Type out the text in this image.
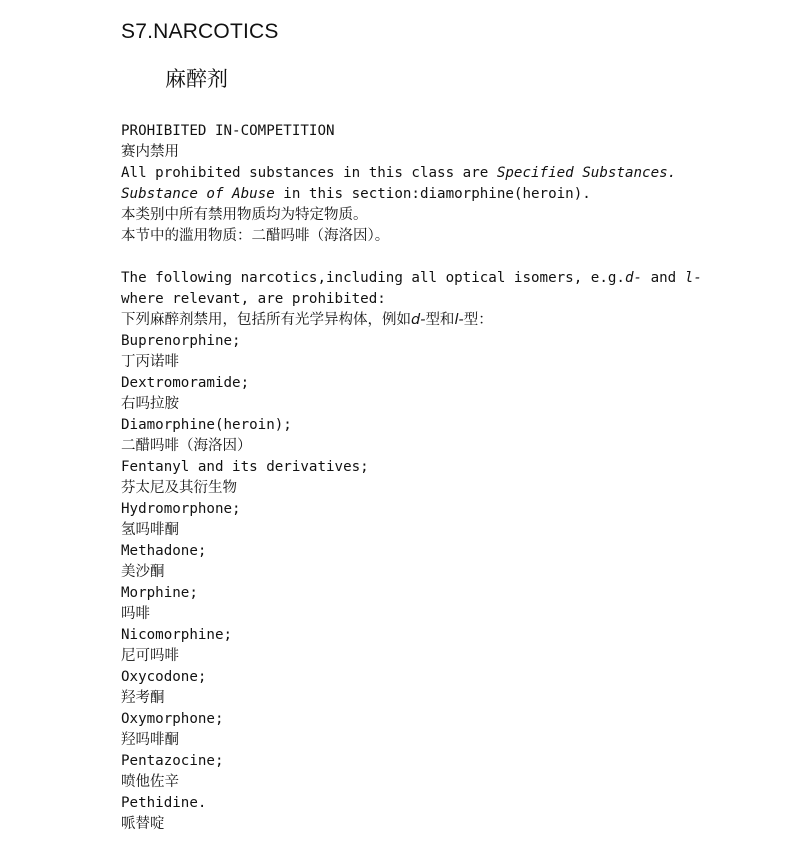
S7.NARCOTICS
麻醉剂
PROHIBITED IN-COMPETITION
赛内禁用
All prohibited substances in this class are Specified Substances.
Substance of Abuse in this section:diamorphine(heroin).
本类别中所有禁用物质均为特定物质。
本节中的滥用物质：二醋吗啡（海洛因）。
The following narcotics,including all optical isomers, e.g.d- and l-
where relevant, are prohibited:
下列麻醉剂禁用，包括所有光学异构体，例如d-型和l-型：
Buprenorphine;
丁丙诺啡
Dextromoramide;
右吗拉胺
Diamorphine(heroin);
二醋吗啡（海洛因）
Fentanyl and its derivatives;
芬太尼及其衍生物
Hydromorphone;
氢吗啡酮
Methadone;
美沙酮
Morphine;
吗啡
Nicomorphine;
尼可吗啡
Oxycodone;
羟考酮
Oxymorphone;
羟吗啡酮
Pentazocine;
喷他佐辛
Pethidine.
哌替啶
